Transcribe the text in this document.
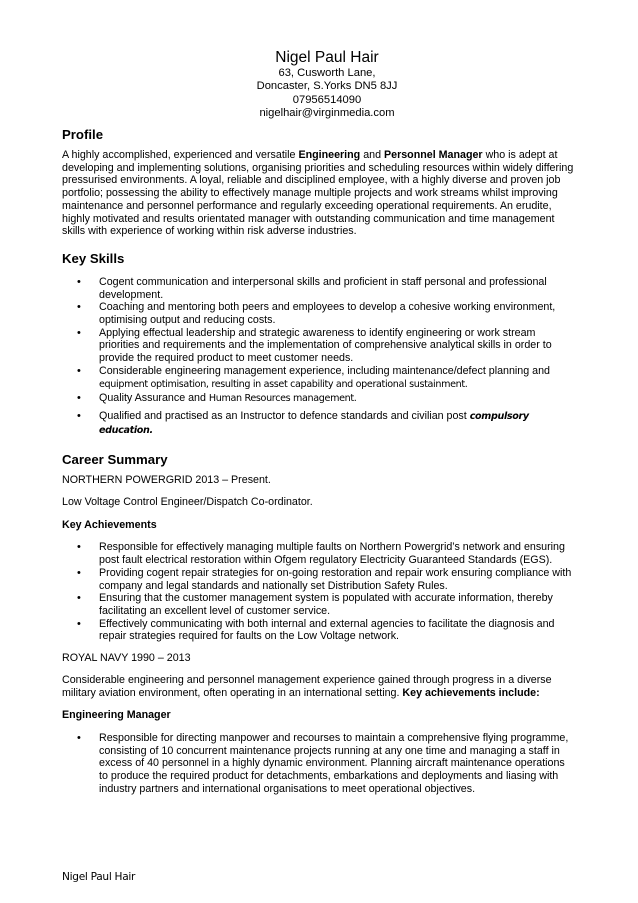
Nigel Paul Hair
63, Cusworth Lane,
Doncaster, S.Yorks DN5 8JJ
07956514090
nigelhair@virginmedia.com
Profile

A highly accomplished, experienced and versatile Engineering and Personnel Manager who is adept at developing and implementing solutions, organising priorities and scheduling resources within widely differing pressurised environments. A loyal, reliable and disciplined employee, with a highly diverse and proven job portfolio; possessing the ability to effectively manage multiple projects and work streams whilst improving maintenance and personnel performance and regularly exceeding operational requirements. An erudite, highly motivated and results orientated manager with outstanding communication and time management skills with experience of working within risk adverse industries.

Key Skills
• Cogent communication and interpersonal skills and proficient in staff personal and professional development.
• Coaching and mentoring both peers and employees to develop a cohesive working environment, optimising output and reducing costs.
• Applying effectual leadership and strategic awareness to identify engineering or work stream priorities and requirements and the implementation of comprehensive analytical skills in order to provide the required product to meet customer needs.
• Considerable engineering management experience, including maintenance/defect planning and
equipment optimisation, resulting in asset capability and operational sustainment.
• Quality Assurance and Human Resources management.
• Qualified and practised as an Instructor to defence standards and civilian post compulsory education.
Career Summary

NORTHERN POWERGRID 2013 – Present.

Low Voltage Control Engineer/Dispatch Co-ordinator.

Key Achievements

• Responsible for effectively managing multiple faults on Northern Powergrid’s network and ensuring post fault electrical restoration within Ofgem regulatory Electricity Guaranteed Standards (EGS).
• Providing cogent repair strategies for on-going restoration and repair work ensuring compliance with company and legal standards and nationally set Distribution Safety Rules.
• Ensuring that the customer management system is populated with accurate information, thereby facilitating an excellent level of customer service.
• Effectively communicating with both internal and external agencies to facilitate the diagnosis and repair strategies required for faults on the Low Voltage network.

ROYAL NAVY 1990 – 2013

Considerable engineering and personnel management experience gained through progress in a diverse military aviation environment, often operating in an international setting. Key achievements include:

Engineering Manager

• Responsible for directing manpower and recourses to maintain a comprehensive flying programme, consisting of 10 concurrent maintenance projects running at any one time and managing a staff in excess of 40 personnel in a highly dynamic environment. Planning aircraft maintenance operations to produce the required product for detachments, embarkations and deployments and liasing with industry partners and international organisations to meet operational objectives.
Nigel Paul Hair
